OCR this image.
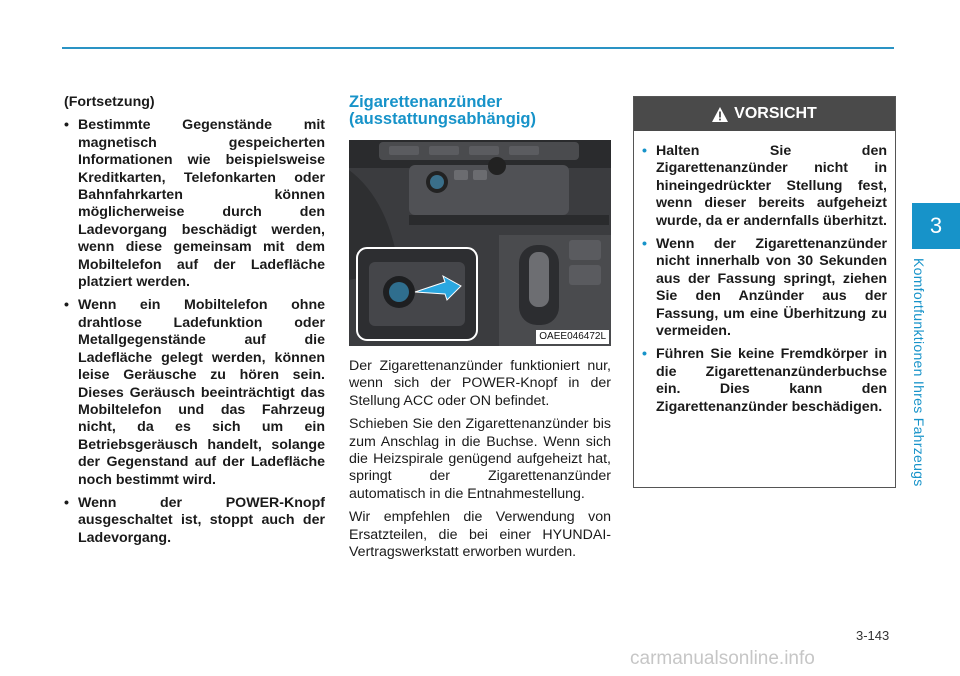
3
Komfortfunktionen Ihres Fahrzeugs
(Fortsetzung)
• Bestimmte Gegenstände mit magnetisch gespeicherten Informationen wie beispielsweise Kreditkarten, Telefonkarten oder Bahnfahrkarten können möglicherweise durch den Ladevorgang beschädigt werden, wenn diese gemeinsam mit dem Mobiltelefon auf der Ladefläche platziert werden.
• Wenn ein Mobiltelefon ohne drahtlose Ladefunktion oder Metallgegenstände auf die Ladefläche gelegt werden, können leise Geräusche zu hören sein. Dieses Geräusch beeinträchtigt das Mobiltelefon und das Fahrzeug nicht, da es sich um ein Betriebsgeräusch handelt, solange der Gegenstand auf der Ladefläche noch bestimmt wird.
• Wenn der POWER-Knopf ausgeschaltet ist, stoppt auch der Ladevorgang.
Zigarettenanzünder
(ausstattungsabhängig)
OAEE046472L

Der Zigarettenanzünder funktioniert nur, wenn sich der POWER-Knopf in der Stellung ACC oder ON befindet.

Schieben Sie den Zigarettenanzünder bis zum Anschlag in die Buchse. Wenn sich die Heizspirale genügend aufgeheizt hat, springt der Zigarettenanzünder automatisch in die Entnahmestellung.

Wir empfehlen die Verwendung von Ersatzteilen, die bei einer HYUNDAI-Vertragswerkstatt erworben wurden.

VORSICHT
• Halten Sie den Zigarettenanzünder nicht in hineingedrückter Stellung fest, wenn dieser bereits aufgeheizt wurde, da er andernfalls überhitzt.
• Wenn der Zigarettenanzünder nicht innerhalb von 30 Sekunden aus der Fassung springt, ziehen Sie den Anzünder aus der Fassung, um eine Überhitzung zu vermeiden.
• Führen Sie keine Fremdkörper in die Zigarettenanzünderbuchse ein. Dies kann den Zigarettenanzünder beschädigen.
3-143
carmanualsonline.info
